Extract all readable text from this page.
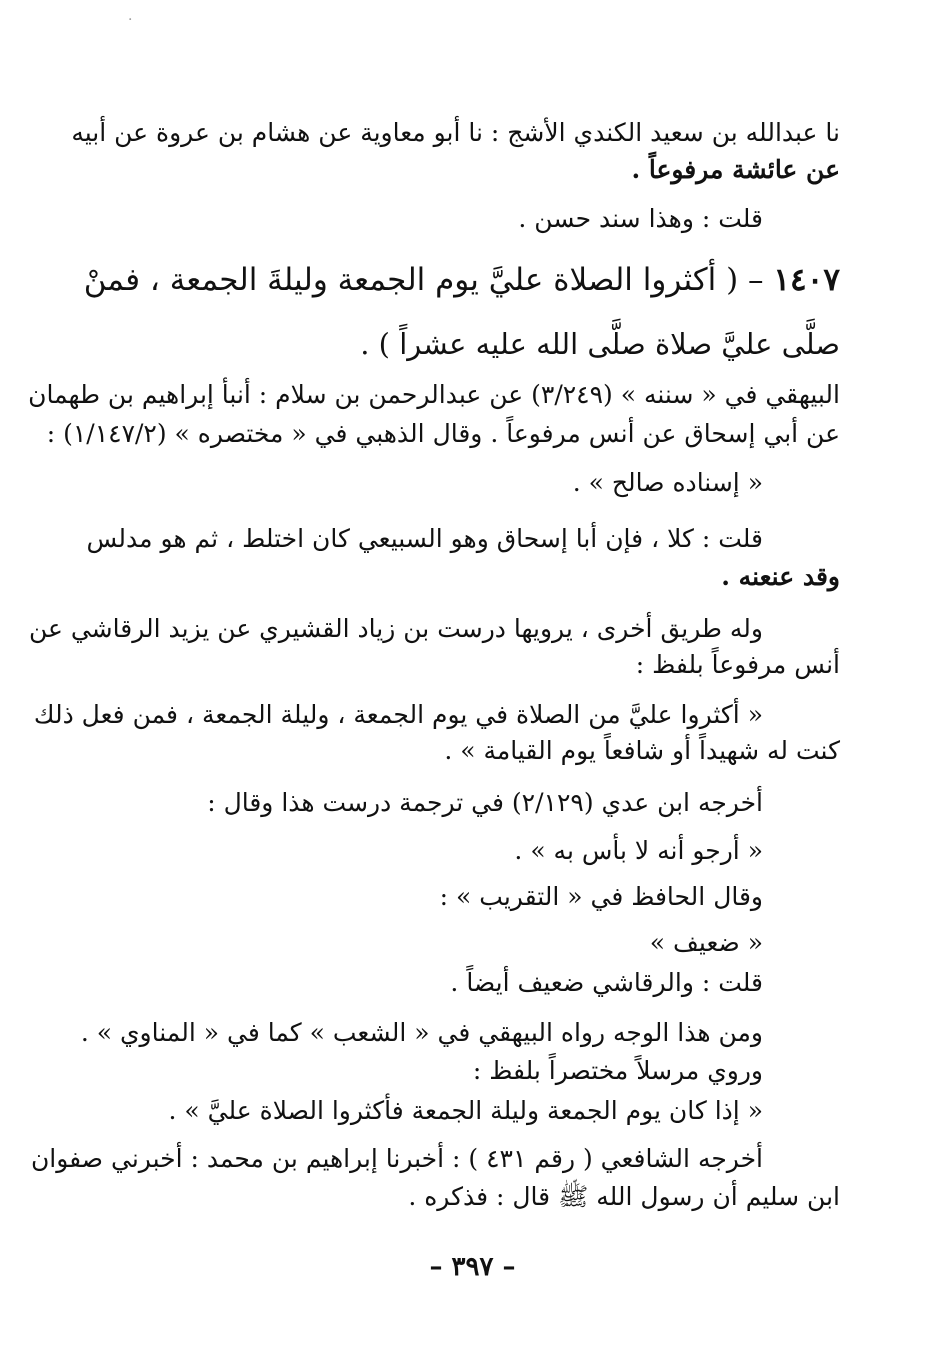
·
نا عبدالله بن سعيد الكندي الأشج : نا أبو معاوية عن هشام بن عروة عن أبيه
عن عائشة مرفوعاً .
قلت : وهذا سند حسن .
١٤٠٧ – ( أكثروا الصلاة عليَّ يوم الجمعة وليلةَ الجمعة ، فمنْ
صلَّى عليَّ صلاة صلَّى الله عليه عشراً ) .
البيهقي في « سننه » (٣/٢٤٩) عن عبدالرحمن بن سلام : أنبأ إبراهيم بن طهمان
عن أبي إسحاق عن أنس مرفوعاً . وقال الذهبي في « مختصره » (١/١٤٧/٢) :
« إسناده صالح » .
قلت : كلا ، فإن أبا إسحاق وهو السبيعي كان اختلط ، ثم هو مدلس
وقد عنعنه .
وله طريق أخرى ، يرويها درست بن زياد القشيري عن يزيد الرقاشي عن
أنس مرفوعاً بلفظ :
« أكثروا عليَّ من الصلاة في يوم الجمعة ، وليلة الجمعة ، فمن فعل ذلك
كنت له شهيداً أو شافعاً يوم القيامة » .
أخرجه ابن عدي (٢/١٢٩) في ترجمة درست هذا وقال :
« أرجو أنه لا بأس به » .
وقال الحافظ في « التقريب » :
« ضعيف »
قلت : والرقاشي ضعيف أيضاً .
ومن هذا الوجه رواه البيهقي في « الشعب » كما في « المناوي » .
وروي مرسلاً مختصراً بلفظ :
« إذا كان يوم الجمعة وليلة الجمعة فأكثروا الصلاة عليَّ » .
أخرجه الشافعي ( رقم ٤٣١ ) : أخبرنا إبراهيم بن محمد : أخبرني صفوان
ابن سليم أن رسول الله ﷺ قال : فذكره .
– ٣٩٧ –
